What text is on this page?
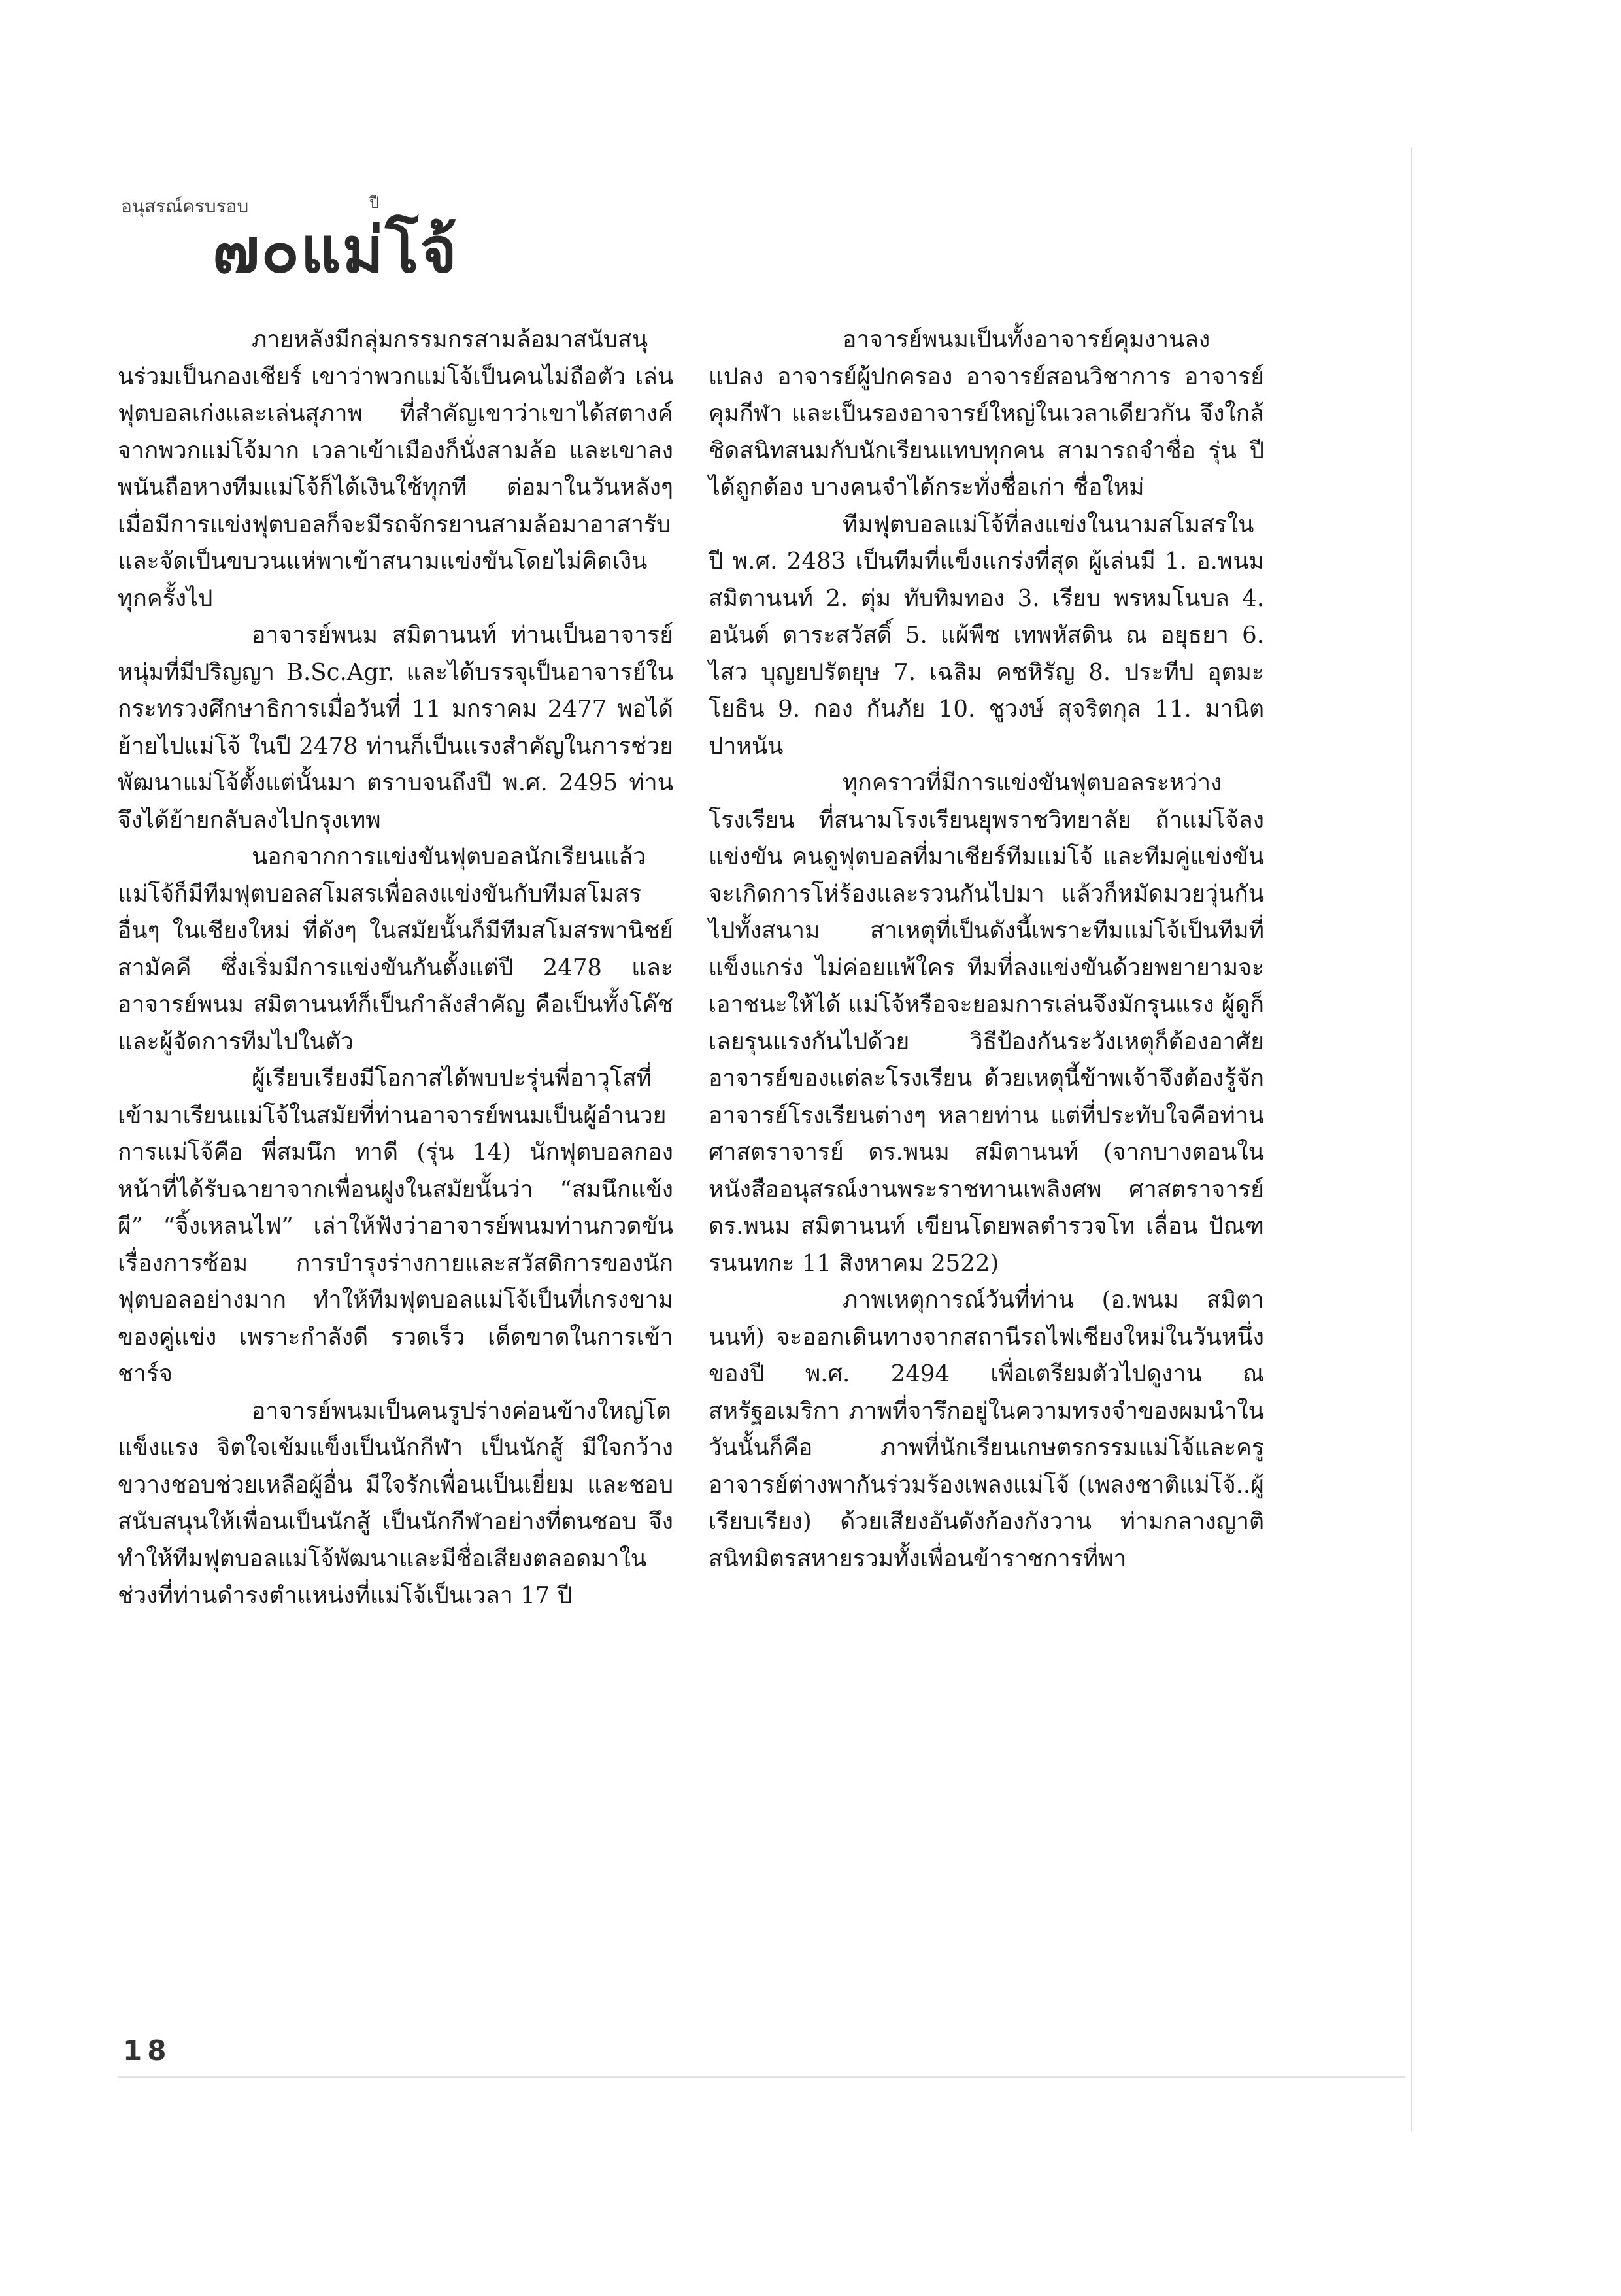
อนุสรณ์ครบรอบ	ปี
๗๐แม่โจ้

ภายหลังมีกลุ่มกรรมกรสามล้อมาสนับสนุนร่วมเป็นกองเชียร์ เขาว่าพวกแม่โจ้เป็นคนไม่ถือตัว เล่นฟุตบอลเก่งและเล่นสุภาพ ที่สำคัญเขาว่าเขาได้สตางค์จากพวกแม่โจ้มาก เวลาเข้าเมืองก็นั่งสามล้อ และเขาลงพนันถือหางทีมแม่โจ้ก็ได้เงินใช้ทุกที ต่อมาในวันหลังๆ เมื่อมีการแข่งฟุตบอลก็จะมีรถจักรยานสามล้อมาอาสารับและจัดเป็นขบวนแห่พาเข้าสนามแข่งขันโดยไม่คิดเงินทุกครั้งไป

อาจารย์พนม สมิตานนท์ ท่านเป็นอาจารย์หนุ่มที่มีปริญญา B.Sc.Agr. และได้บรรจุเป็นอาจารย์ในกระทรวงศึกษาธิการเมื่อวันที่ 11 มกราคม 2477 พอได้ย้ายไปแม่โจ้ ในปี 2478 ท่านก็เป็นแรงสำคัญในการช่วยพัฒนาแม่โจ้ตั้งแต่นั้นมา ตราบจนถึงปี พ.ศ. 2495 ท่านจึงได้ย้ายกลับลงไปกรุงเทพ

นอกจากการแข่งขันฟุตบอลนักเรียนแล้ว แม่โจ้ก็มีทีมฟุตบอลสโมสรเพื่อลงแข่งขันกับทีมสโมสรอื่นๆ ในเชียงใหม่ ที่ดังๆ ในสมัยนั้นก็มีทีมสโมสรพานิชย์สามัคคี ซึ่งเริ่มมีการแข่งขันกันตั้งแต่ปี 2478 และอาจารย์พนม สมิตานนท์ก็เป็นกำลังสำคัญ คือเป็นทั้งโค๊ชและผู้จัดการทีมไปในตัว

ผู้เรียบเรียงมีโอกาสได้พบปะรุ่นพี่อาวุโสที่เข้ามาเรียนแม่โจ้ในสมัยที่ท่านอาจารย์พนมเป็นผู้อำนวยการแม่โจ้คือ พี่สมนึก ทาดี (รุ่น 14) นักฟุตบอลกองหน้าที่ได้รับฉายาจากเพื่อนฝูงในสมัยนั้นว่า “สมนึกแข้งผี” “จิ้งเหลนไฟ” เล่าให้ฟังว่าอาจารย์พนมท่านกวดขันเรื่องการซ้อม การบำรุงร่างกายและสวัสดิการของนักฟุตบอลอย่างมาก ทำให้ทีมฟุตบอลแม่โจ้เป็นที่เกรงขามของคู่แข่ง เพราะกำลังดี รวดเร็ว เด็ดขาดในการเข้าชาร์จ

อาจารย์พนมเป็นคนรูปร่างค่อนข้างใหญ่โต แข็งแรง จิตใจเข้มแข็งเป็นนักกีฬา เป็นนักสู้ มีใจกว้างขวางชอบช่วยเหลือผู้อื่น มีใจรักเพื่อนเป็นเยี่ยม และชอบสนับสนุนให้เพื่อนเป็นนักสู้ เป็นนักกีฬาอย่างที่ตนชอบ จึงทำให้ทีมฟุตบอลแม่โจ้พัฒนาและมีชื่อเสียงตลอดมาในช่วงที่ท่านดำรงตำแหน่งที่แม่โจ้เป็นเวลา 17 ปี

อาจารย์พนมเป็นทั้งอาจารย์คุมงานลงแปลง อาจารย์ผู้ปกครอง อาจารย์สอนวิชาการ อาจารย์คุมกีฬา และเป็นรองอาจารย์ใหญ่ในเวลาเดียวกัน จึงใกล้ชิดสนิทสนมกับนักเรียนแทบทุกคน สามารถจำชื่อ รุ่น ปีได้ถูกต้อง บางคนจำได้กระทั่งชื่อเก่า ชื่อใหม่

ทีมฟุตบอลแม่โจ้ที่ลงแข่งในนามสโมสรในปี พ.ศ. 2483 เป็นทีมที่แข็งแกร่งที่สุด ผู้เล่นมี 1. อ.พนม สมิตานนท์ 2. ตุ่ม ทับทิมทอง 3. เรียบ พรหมโนบล 4. อนันต์ ดาระสวัสดิ์ 5. แผ้พืช เทพหัสดิน ณ อยุธยา 6. ไสว บุญยปรัตยุษ 7. เฉลิม คชหิรัญ 8. ประทีป อุตมะโยธิน 9. กอง กันภัย 10. ชูวงษ์ สุจริตกุล 11. มานิต ปาหนัน

ทุกคราวที่มีการแข่งขันฟุตบอลระหว่างโรงเรียน ที่สนามโรงเรียนยุพราชวิทยาลัย ถ้าแม่โจ้ลงแข่งขัน คนดูฟุตบอลที่มาเชียร์ทีมแม่โจ้ และทีมคู่แข่งขันจะเกิดการโห่ร้องและรวนกันไปมา แล้วก็หมัดมวยวุ่นกันไปทั้งสนาม สาเหตุที่เป็นดังนี้เพราะทีมแม่โจ้เป็นทีมที่แข็งแกร่ง ไม่ค่อยแพ้ใคร ทีมที่ลงแข่งขันด้วยพยายามจะเอาชนะให้ได้ แม่โจ้หรือจะยอมการเล่นจึงมักรุนแรง ผู้ดูก็เลยรุนแรงกันไปด้วย วิธีป้องกันระวังเหตุก็ต้องอาศัยอาจารย์ของแต่ละโรงเรียน ด้วยเหตุนี้ข้าพเจ้าจึงต้องรู้จักอาจารย์โรงเรียนต่างๆ หลายท่าน แต่ที่ประทับใจคือท่านศาสตราจารย์ ดร.พนม สมิตานนท์ (จากบางตอนในหนังสืออนุสรณ์งานพระราชทานเพลิงศพ ศาสตราจารย์ ดร.พนม สมิตานนท์ เขียนโดยพลตำรวจโท เลื่อน ปัณฑรนนทกะ 11 สิงหาคม 2522)

ภาพเหตุการณ์วันที่ท่าน (อ.พนม สมิตานนท์) จะออกเดินทางจากสถานีรถไฟเชียงใหม่ในวันหนึ่ง ของปี พ.ศ. 2494 เพื่อเตรียมตัวไปดูงาน ณ สหรัฐอเมริกา ภาพที่จารึกอยู่ในความทรงจำของผมนำในวันนั้นก็คือ ภาพที่นักเรียนเกษตรกรรมแม่โจ้และครูอาจารย์ต่างพากันร่วมร้องเพลงแม่โจ้ (เพลงชาติแม่โจ้..ผู้เรียบเรียง) ด้วยเสียงอันดังก้องกังวาน ท่ามกลางญาติสนิทมิตรสหายรวมทั้งเพื่อนข้าราชการที่พา

18
